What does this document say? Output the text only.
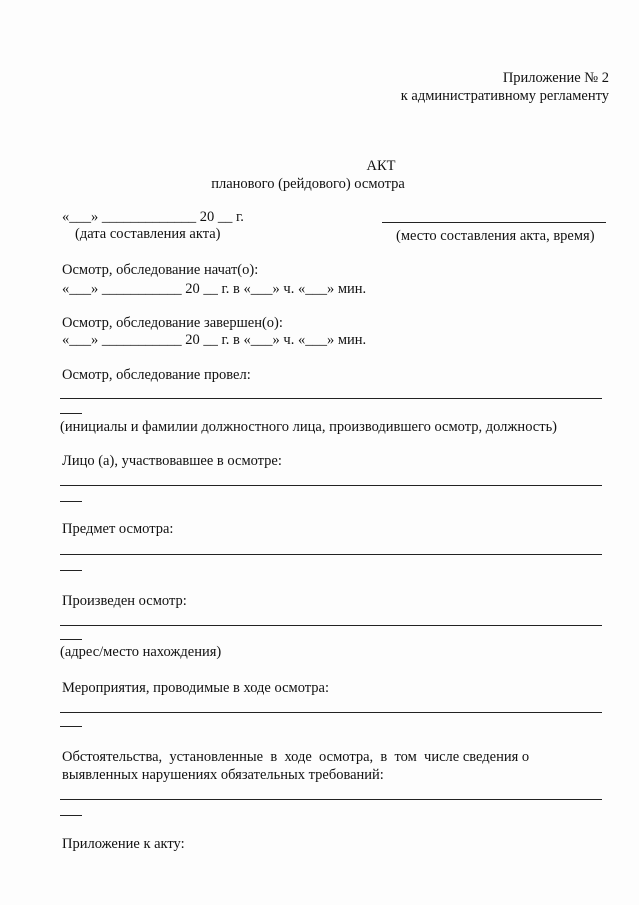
Приложение № 2
к административному регламенту
АКТ
планового (рейдового) осмотра
«___» _____________ 20 __ г.
(дата составления акта)	(место составления акта, время)
Осмотр, обследование начат(о):
«___» ___________ 20 __ г. в «___» ч. «___» мин.
Осмотр, обследование завершен(о):
«___» ___________ 20 __ г. в «___» ч. «___» мин.
Осмотр, обследование провел:
(инициалы и фамилии должностного лица, производившего осмотр, должность)
Лицо (а), участвовавшее в осмотре:
Предмет осмотра:
Произведен осмотр:
(адрес/место нахождения)
Мероприятия, проводимые в ходе осмотра:
Обстоятельства,  установленные  в  ходе  осмотра,  в  том  числе сведения о
выявленных нарушениях обязательных требований:
Приложение к акту:
